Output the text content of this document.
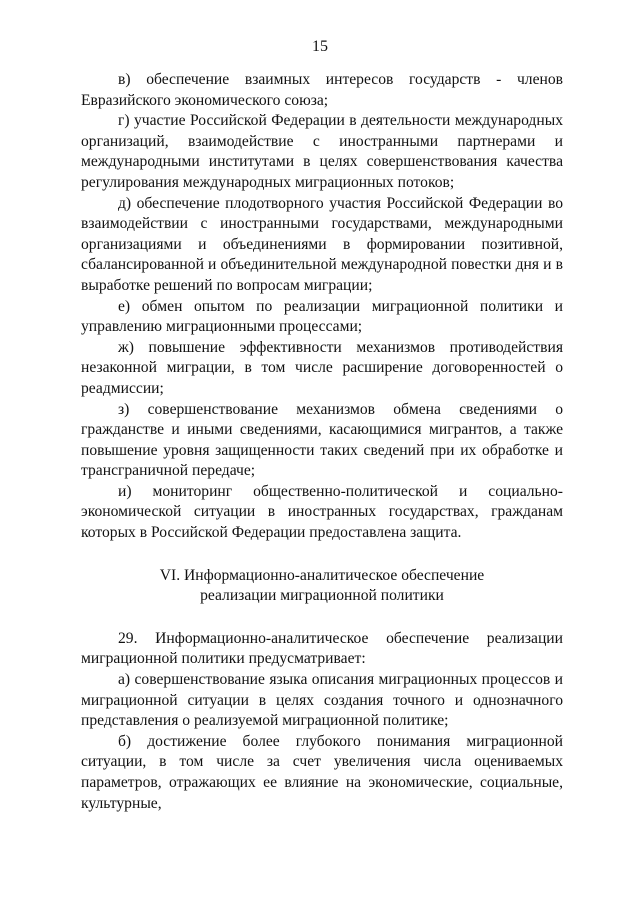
15

в) обеспечение взаимных интересов государств - членов Евразийского экономического союза;

г) участие Российской Федерации в деятельности международных организаций, взаимодействие с иностранными партнерами и международными институтами в целях совершенствования качества регулирования международных миграционных потоков;

д) обеспечение плодотворного участия Российской Федерации во взаимодействии с иностранными государствами, международными организациями и объединениями в формировании позитивной, сбалансированной и объединительной международной повестки дня и в выработке решений по вопросам миграции;

е) обмен опытом по реализации миграционной политики и управлению миграционными процессами;

ж) повышение эффективности механизмов противодействия незаконной миграции, в том числе расширение договоренностей о реадмиссии;

з) совершенствование механизмов обмена сведениями о гражданстве и иными сведениями, касающимися мигрантов, а также повышение уровня защищенности таких сведений при их обработке и трансграничной передаче;

и) мониторинг общественно-политической и социально-экономической ситуации в иностранных государствах, гражданам которых в Российской Федерации предоставлена защита.

VI. Информационно-аналитическое обеспечение
реализации миграционной политики

29. Информационно-аналитическое обеспечение реализации миграционной политики предусматривает:

а) совершенствование языка описания миграционных процессов и миграционной ситуации в целях создания точного и однозначного представления о реализуемой миграционной политике;

б) достижение более глубокого понимания миграционной ситуации, в том числе за счет увеличения числа оцениваемых параметров, отражающих ее влияние на экономические, социальные, культурные,
